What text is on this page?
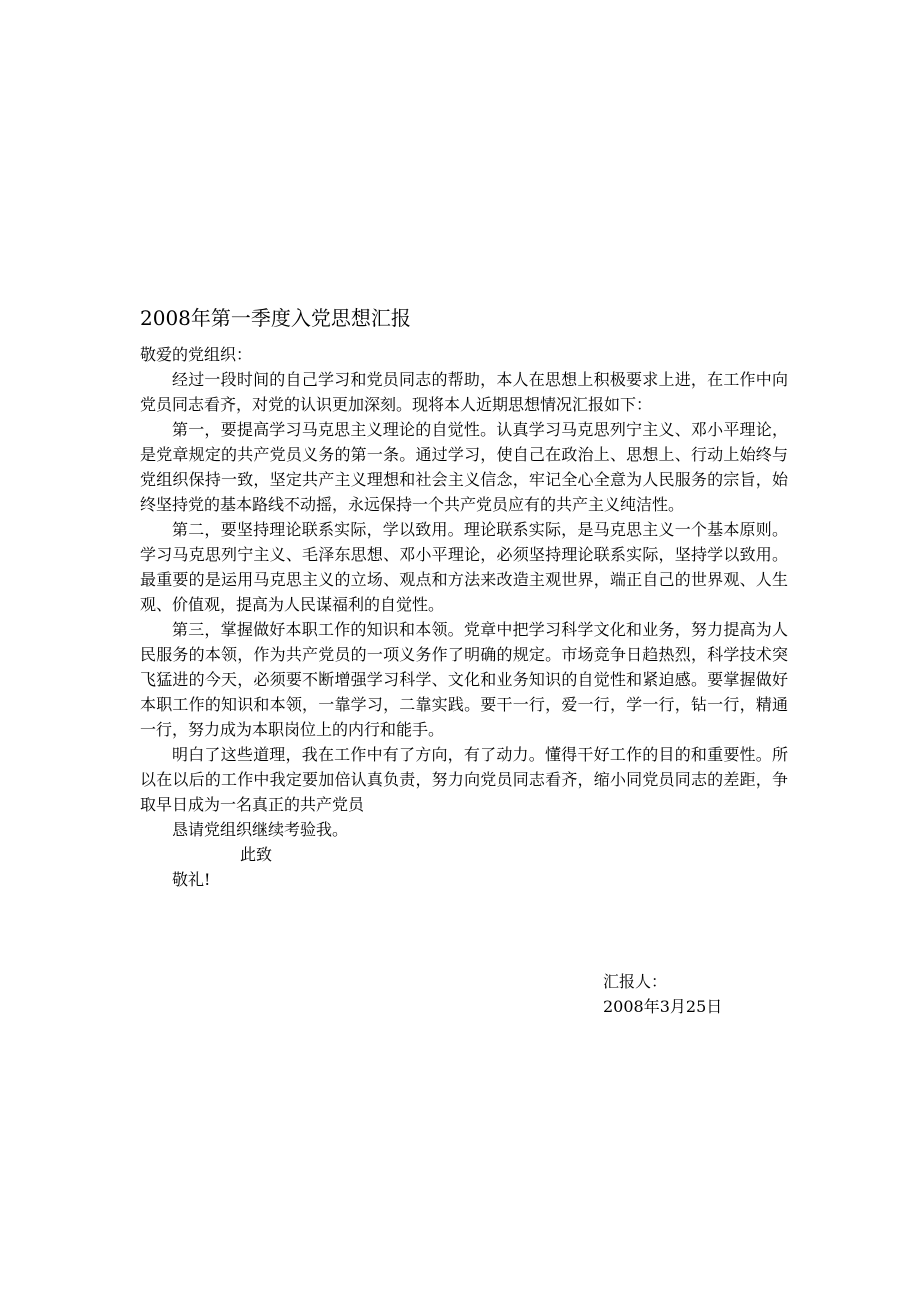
2008年第一季度入党思想汇报

敬爱的党组织：

经过一段时间的自己学习和党员同志的帮助，本人在思想上积极要求上进，在工作中向党员同志看齐，对党的认识更加深刻。现将本人近期思想情况汇报如下：

第一，要提高学习马克思主义理论的自觉性。认真学习马克思列宁主义、邓小平理论，是党章规定的共产党员义务的第一条。通过学习，使自己在政治上、思想上、行动上始终与党组织保持一致，坚定共产主义理想和社会主义信念，牢记全心全意为人民服务的宗旨，始终坚持党的基本路线不动摇，永远保持一个共产党员应有的共产主义纯洁性。

第二，要坚持理论联系实际，学以致用。理论联系实际，是马克思主义一个基本原则。学习马克思列宁主义、毛泽东思想、邓小平理论，必须坚持理论联系实际，坚持学以致用。最重要的是运用马克思主义的立场、观点和方法来改造主观世界，端正自己的世界观、人生观、价值观，提高为人民谋福利的自觉性。

第三，掌握做好本职工作的知识和本领。党章中把学习科学文化和业务，努力提高为人民服务的本领，作为共产党员的一项义务作了明确的规定。市场竞争日趋热烈，科学技术突飞猛进的今天，必须要不断增强学习科学、文化和业务知识的自觉性和紧迫感。要掌握做好本职工作的知识和本领，一靠学习，二靠实践。要干一行，爱一行，学一行，钻一行，精通一行，努力成为本职岗位上的内行和能手。

明白了这些道理，我在工作中有了方向，有了动力。懂得干好工作的目的和重要性。所以在以后的工作中我定要加倍认真负责，努力向党员同志看齐，缩小同党员同志的差距，争取早日成为一名真正的共产党员

恳请党组织继续考验我。

此致

敬礼!

汇报人：
2008年3月25日
